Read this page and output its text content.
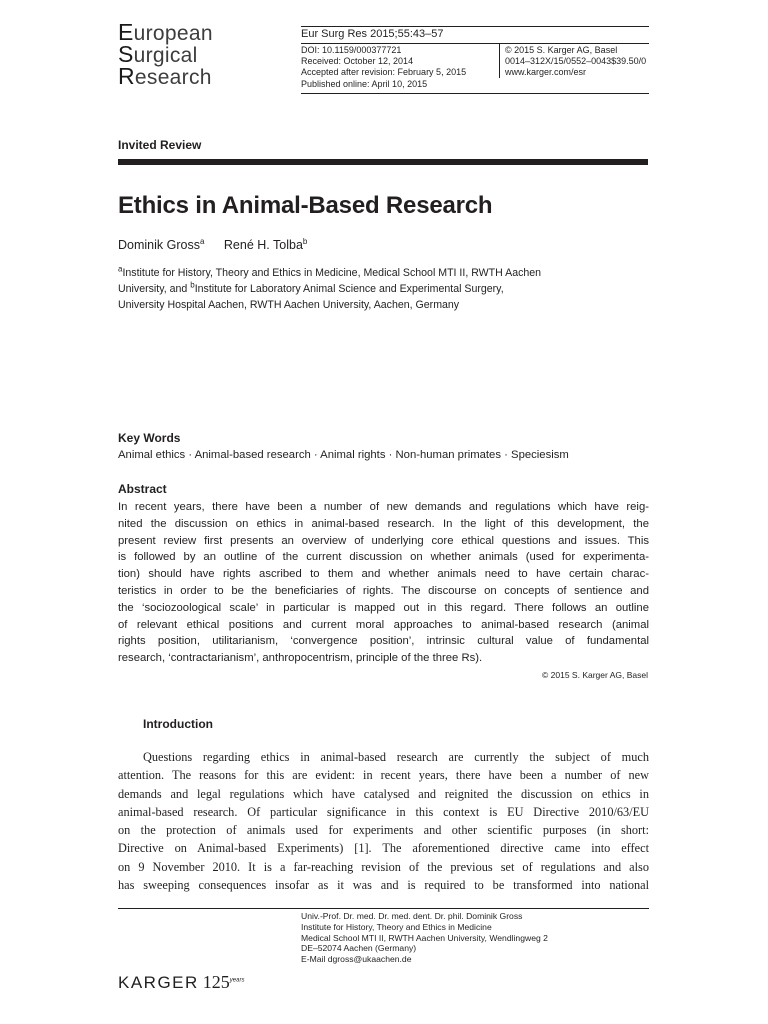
European
Surgical
Research
Eur Surg Res 2015;55:43–57
DOI: 10.1159/000377721
Received: October 12, 2014
Accepted after revision: February 5, 2015
Published online: April 10, 2015
© 2015 S. Karger AG, Basel
0014–312X/15/0552–0043$39.50/0
www.karger.com/esr
Invited Review
Ethics in Animal-Based Research
Dominik Gross$^a$ René H. Tolba$^b$
$^a$Institute for History, Theory and Ethics in Medicine, Medical School MTI II, RWTH Aachen
University, and $^b$Institute for Laboratory Animal Science and Experimental Surgery,
University Hospital Aachen, RWTH Aachen University, Aachen, Germany
Key Words
Animal ethics · Animal-based research · Animal rights · Non-human primates · Speciesism
Abstract
In recent years, there have been a number of new demands and regulations which have reig-
nited the discussion on ethics in animal-based research. In the light of this development, the
present review first presents an overview of underlying core ethical questions and issues. This
is followed by an outline of the current discussion on whether animals (used for experimenta-
tion) should have rights ascribed to them and whether animals need to have certain charac-
teristics in order to be the beneficiaries of rights. The discourse on concepts of sentience and
the ‘sociozoological scale’ in particular is mapped out in this regard. There follows an outline
of relevant ethical positions and current moral approaches to animal-based research (animal
rights position, utilitarianism, ‘convergence position’, intrinsic cultural value of fundamental
research, ‘contractarianism’, anthropocentrism, principle of the three Rs).
© 2015 S. Karger AG, Basel
Introduction
Questions regarding ethics in animal-based research are currently the subject of much
attention. The reasons for this are evident: in recent years, there have been a number of new
demands and legal regulations which have catalysed and reignited the discussion on ethics in
animal-based research. Of particular significance in this context is EU Directive 2010/63/EU
on the protection of animals used for experiments and other scientific purposes (in short:
Directive on Animal-based Experiments) [1]. The aforementioned directive came into effect
on 9 November 2010. It is a far-reaching revision of the previous set of regulations and also
has sweeping consequences insofar as it was and is required to be transformed into national
Univ.-Prof. Dr. med. Dr. med. dent. Dr. phil. Dominik Gross
Institute for History, Theory and Ethics in Medicine
Medical School MTI II, RWTH Aachen University, Wendlingweg 2
DE–52074 Aachen (Germany)
E-Mail dgross@ukaachen.de
KARGER $125^{years}$
